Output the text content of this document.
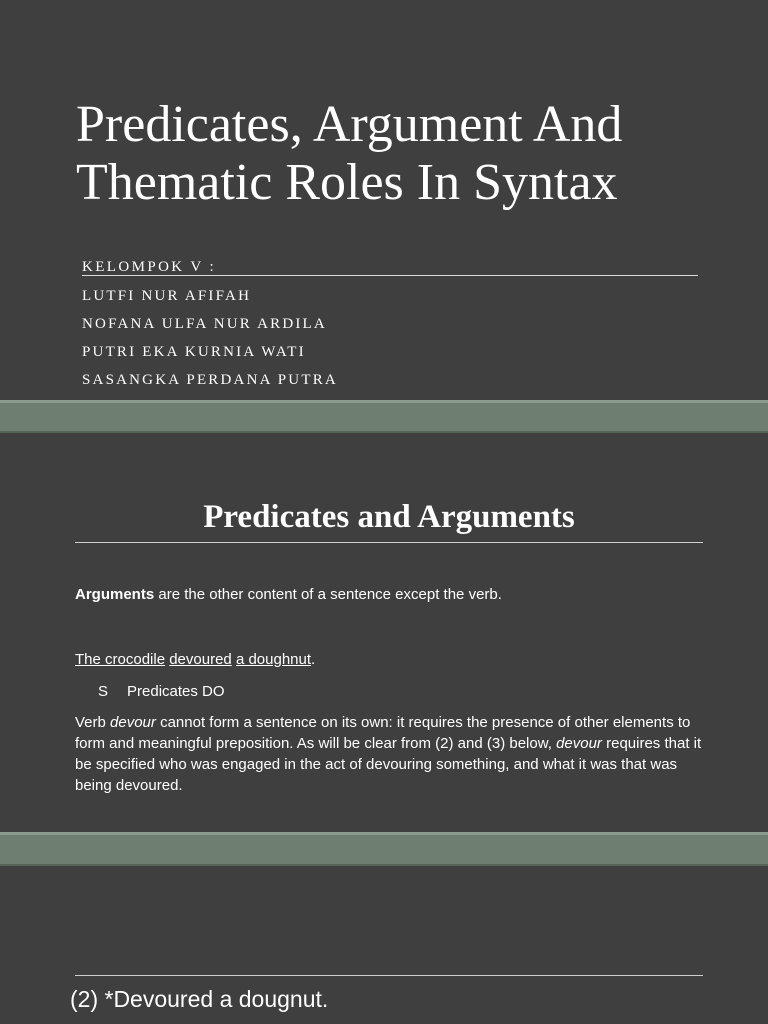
Predicates, Argument And
Thematic Roles In Syntax
KELOMPOK V :
LUTFI NUR AFIFAH
NOFANA ULFA NUR ARDILA
PUTRI EKA KURNIA WATI
SASANGKA PERDANA PUTRA
Predicates and Arguments
Arguments are the other content of a sentence except the verb.
The crocodile devoured a doughnut.
S Predicates DO
Verb devour cannot form a sentence on its own: it requires the presence of other elements to form and meaningful preposition. As will be clear from (2) and (3) below, devour requires that it be specified who was engaged in the act of devouring something, and what it was that was being devoured.
(2) *Devoured a dougnut.
